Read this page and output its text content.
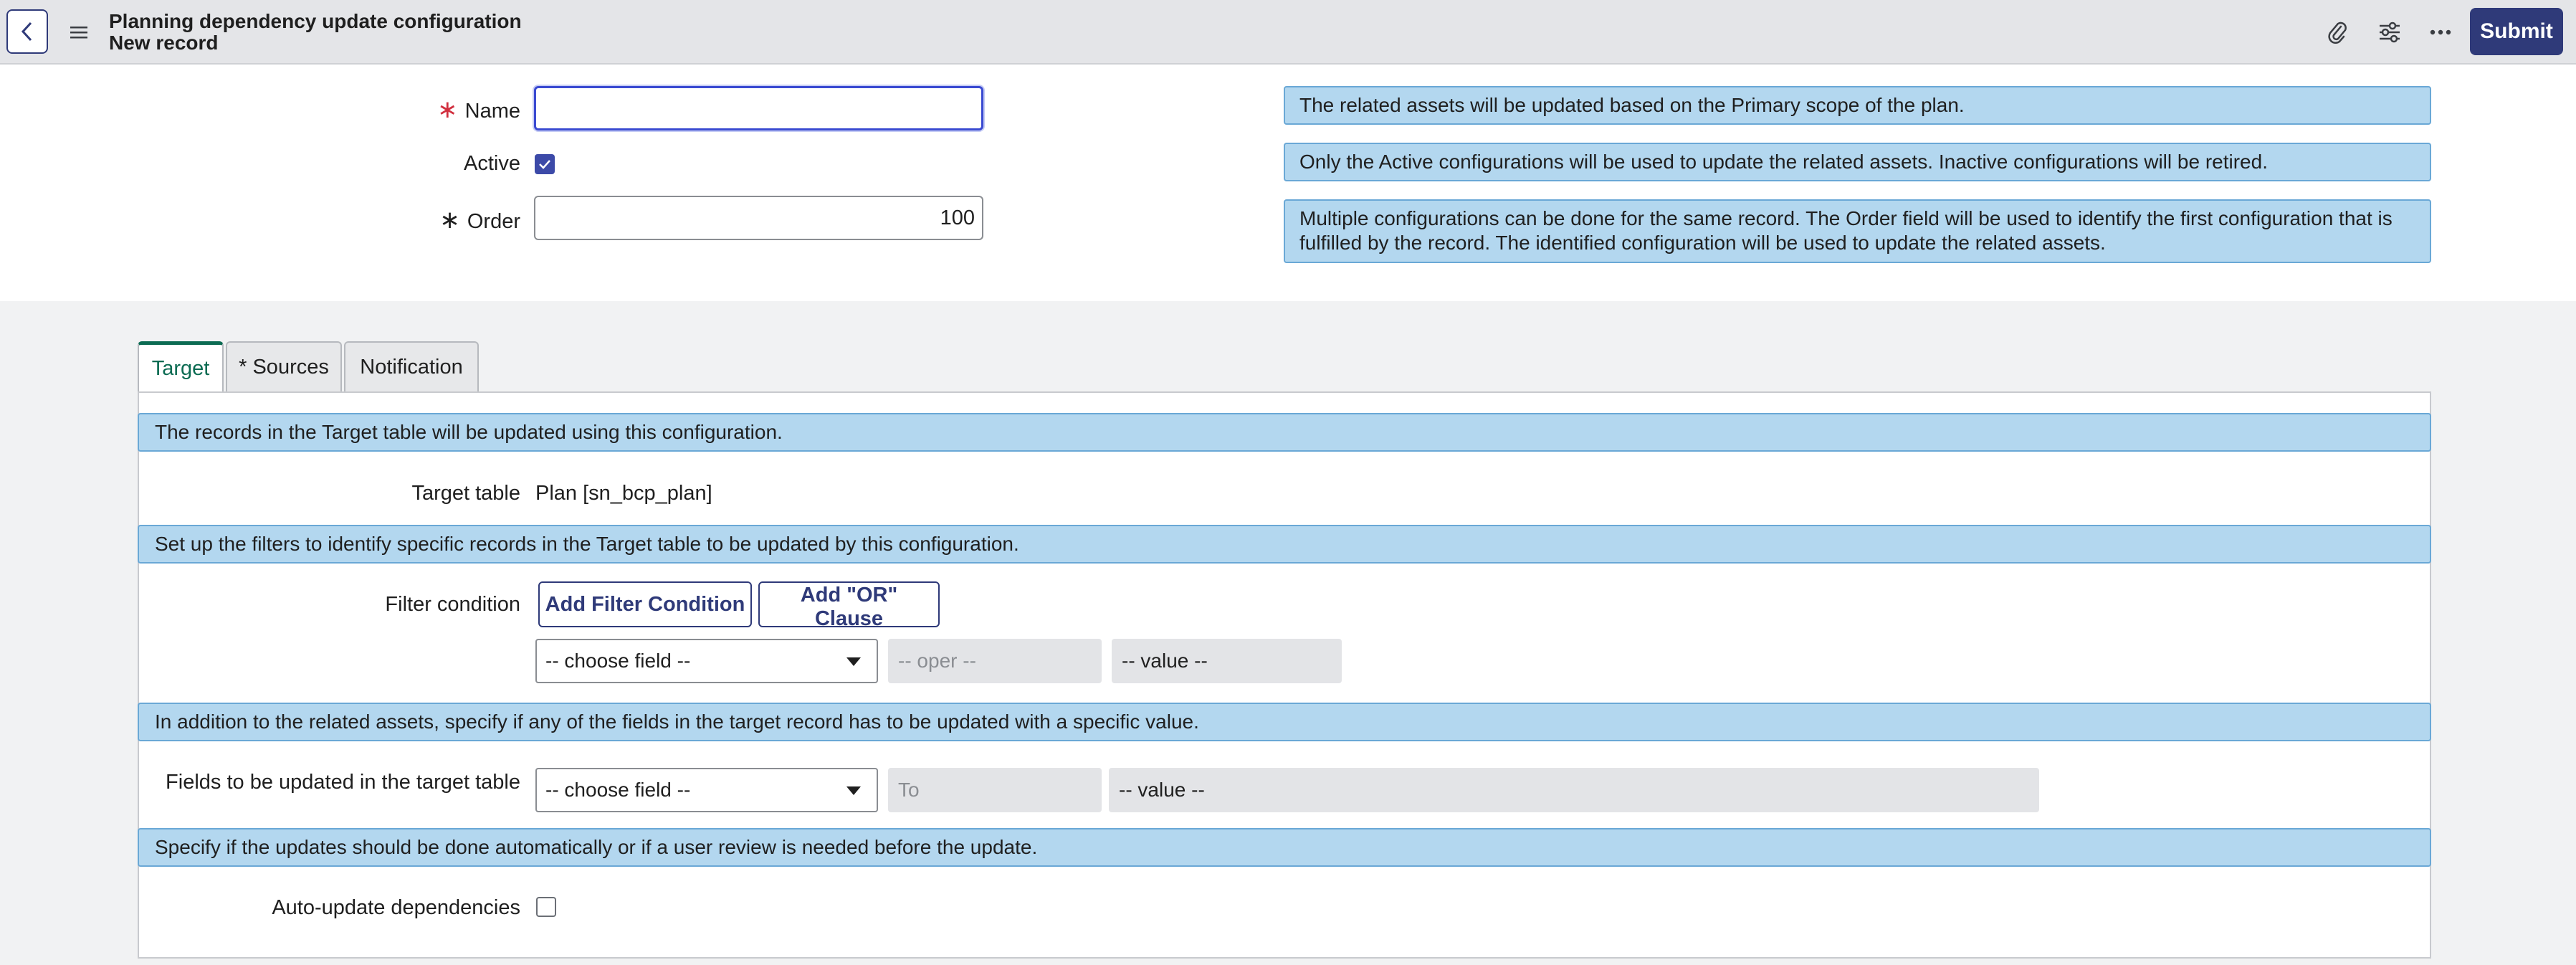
Planning dependency update configuration
New record	Submit
∗ Name
Active
∗ Order
100
The related assets will be updated based on the Primary scope of the plan.
Only the Active configurations will be used to update the related assets. Inactive configurations will be retired.
Multiple configurations can be done for the same record. The Order field will be used to identify the first configuration that is fulfilled by the record. The identified configuration will be used to update the related assets.
Target	* Sources	Notification
The records in the Target table will be updated using this configuration.
Target table Plan [sn_bcp_plan]
Set up the filters to identify specific records in the Target table to be updated by this configuration.
Filter condition	Add Filter Condition	Add "OR" Clause
-- choose field --	-- oper --	-- value --
In addition to the related assets, specify if any of the fields in the target record has to be updated with a specific value.
Fields to be updated in the target table	-- choose field --	To	-- value --
Specify if the updates should be done automatically or if a user review is needed before the update.
Auto-update dependencies
